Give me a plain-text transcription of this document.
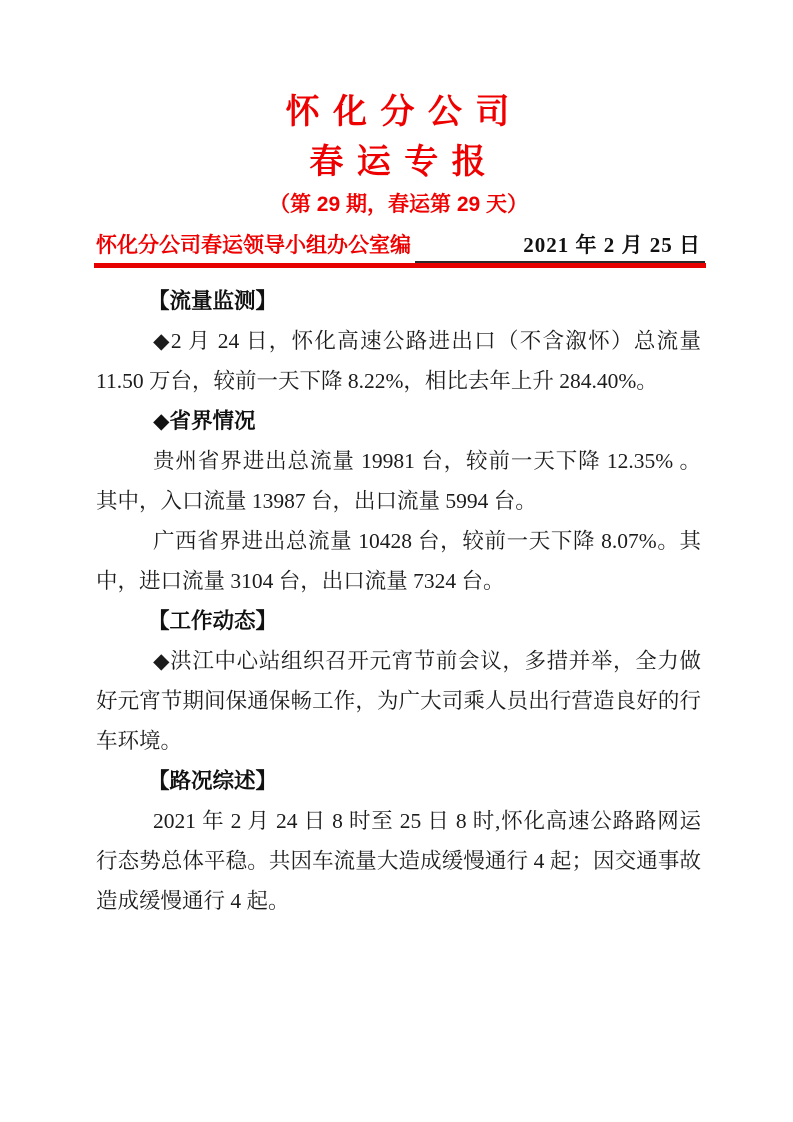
怀 化 分 公 司
春 运 专 报
（第 29 期，春运第 29 天）
怀化分公司春运领导小组办公室编	2021 年 2 月 25 日
【流量监测】

◆2 月 24 日，怀化高速公路进出口（不含溆怀）总流量 11.50 万台，较前一天下降 8.22%，相比去年上升 284.40%。

◆省界情况

贵州省界进出总流量 19981 台，较前一天下降 12.35% 。其中，入口流量 13987 台，出口流量 5994 台。

广西省界进出总流量 10428 台，较前一天下降 8.07%。其中，进口流量 3104 台，出口流量 7324 台。

【工作动态】

◆洪江中心站组织召开元宵节前会议，多措并举，全力做好元宵节期间保通保畅工作，为广大司乘人员出行营造良好的行车环境。

【路况综述】

2021 年 2 月 24 日 8 时至 25 日 8 时,怀化高速公路路网运行态势总体平稳。共因车流量大造成缓慢通行 4 起；因交通事故造成缓慢通行 4 起。
